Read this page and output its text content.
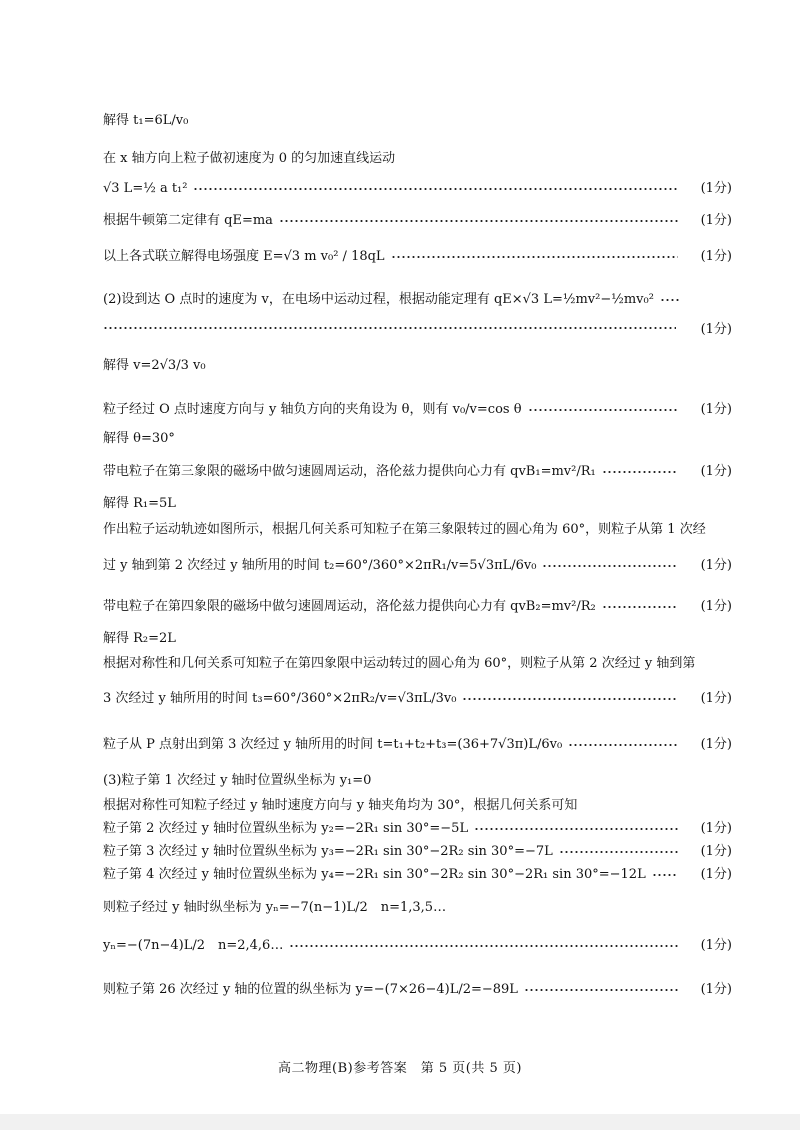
解得 t₁=6L/v₀
在 x 轴方向上粒子做初速度为 0 的匀加速直线运动
√3 L=½ a t₁²	(1分)
根据牛顿第二定律有 qE=ma	(1分)
以上各式联立解得电场强度 E=√3 m v₀² / 18qL	(1分)
(2)设到达 O 点时的速度为 v，在电场中运动过程，根据动能定理有 qE×√3 L=½mv²−½mv₀²
(1分)
解得 v=2√3/3 v₀
粒子经过 O 点时速度方向与 y 轴负方向的夹角设为 θ，则有 v₀/v=cos θ	(1分)
解得 θ=30°
带电粒子在第三象限的磁场中做匀速圆周运动，洛伦兹力提供向心力有 qvB₁=mv²/R₁	(1分)
解得 R₁=5L
作出粒子运动轨迹如图所示，根据几何关系可知粒子在第三象限转过的圆心角为 60°，则粒子从第 1 次经
过 y 轴到第 2 次经过 y 轴所用的时间 t₂=60°/360°×2πR₁/v=5√3πL/6v₀	(1分)
带电粒子在第四象限的磁场中做匀速圆周运动，洛伦兹力提供向心力有 qvB₂=mv²/R₂	(1分)
解得 R₂=2L
根据对称性和几何关系可知粒子在第四象限中运动转过的圆心角为 60°，则粒子从第 2 次经过 y 轴到第
3 次经过 y 轴所用的时间 t₃=60°/360°×2πR₂/v=√3πL/3v₀	(1分)
粒子从 P 点射出到第 3 次经过 y 轴所用的时间 t=t₁+t₂+t₃=(36+7√3π)L/6v₀	(1分)
(3)粒子第 1 次经过 y 轴时位置纵坐标为 y₁=0
根据对称性可知粒子经过 y 轴时速度方向与 y 轴夹角均为 30°，根据几何关系可知
粒子第 2 次经过 y 轴时位置纵坐标为 y₂=−2R₁ sin 30°=−5L	(1分)
粒子第 3 次经过 y 轴时位置纵坐标为 y₃=−2R₁ sin 30°−2R₂ sin 30°=−7L	(1分)
粒子第 4 次经过 y 轴时位置纵坐标为 y₄=−2R₁ sin 30°−2R₂ sin 30°−2R₁ sin 30°=−12L	(1分)
则粒子经过 y 轴时纵坐标为 yₙ=−7(n−1)L/2　n=1,3,5…
yₙ=−(7n−4)L/2　n=2,4,6…	(1分)
则粒子第 26 次经过 y 轴的位置的纵坐标为 y=−(7×26−4)L/2=−89L	(1分)
高二物理(B)参考答案　第 5 页(共 5 页)
